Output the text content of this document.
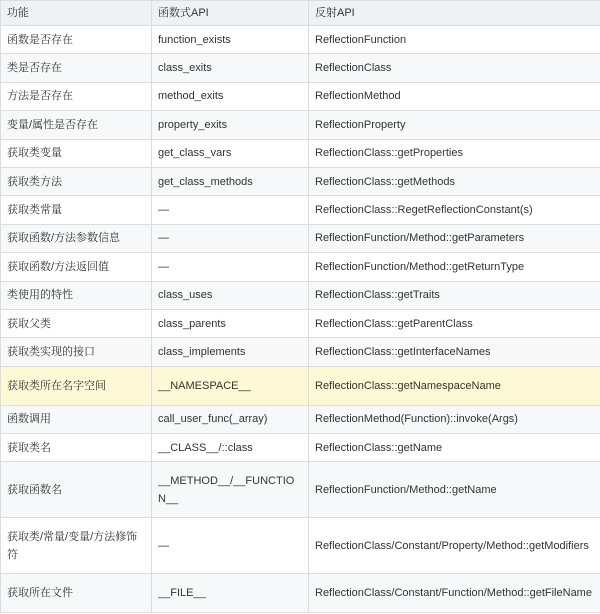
功能	函数式API	反射API
函数是否存在	function_exists	ReflectionFunction
类是否存在	class_exits	ReflectionClass
方法是否存在	method_exits	ReflectionMethod
变量/属性是否存在	property_exits	ReflectionProperty
获取类变量	get_class_vars	ReflectionClass::getProperties
获取类方法	get_class_methods	ReflectionClass::getMethods
获取类常量	—	ReflectionClass::RegetReflectionConstant(s)
获取函数/方法参数信息	—	ReflectionFunction/Method::getParameters
获取函数/方法返回值	—	ReflectionFunction/Method::getReturnType
类使用的特性	class_uses	ReflectionClass::getTraits
获取父类	class_parents	ReflectionClass::getParentClass
获取类实现的接口	class_implements	ReflectionClass::getInterfaceNames
获取类所在名字空间	__NAMESPACE__	ReflectionClass::getNamespaceName
函数调用	call_user_func(_array)	ReflectionMethod(Function)::invoke(Args)
获取类名	__CLASS__/::class	ReflectionClass::getName
获取函数名	__METHOD__/__FUNCTION__	ReflectionFunction/Method::getName
获取类/常量/变量/方法修饰符	—	ReflectionClass/Constant/Property/Method::getModifiers
获取所在文件	__FILE__	ReflectionClass/Constant/Function/Method::getFileName
